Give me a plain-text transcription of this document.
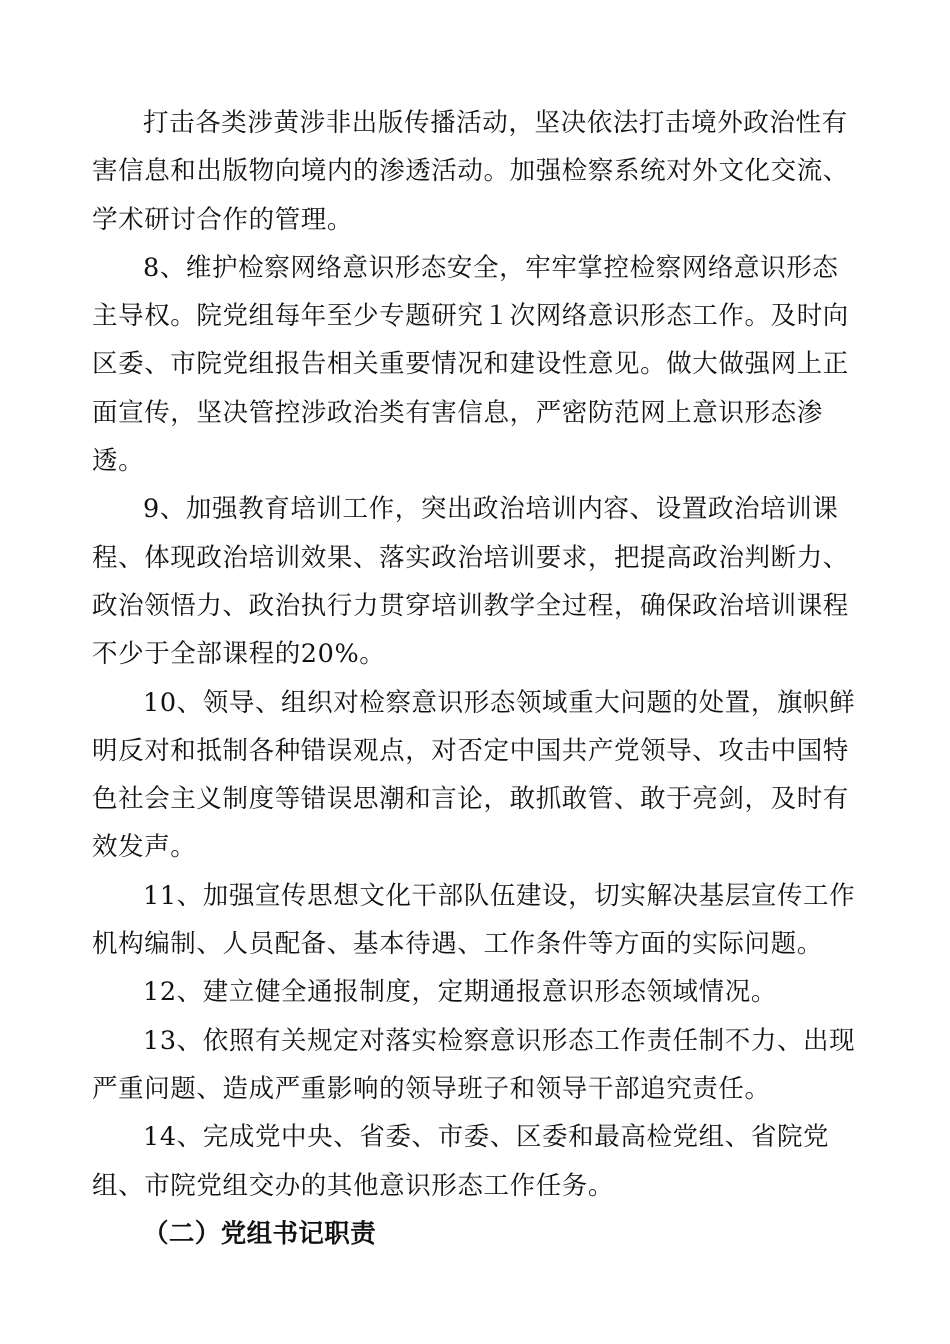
打击各类涉黄涉非出版传播活动，坚决依法打击境外政治性有害信息和出版物向境内的渗透活动。加强检察系统对外文化交流、学术研讨合作的管理。

8、维护检察网络意识形态安全，牢牢掌控检察网络意识形态主导权。院党组每年至少专题研究１次网络意识形态工作。及时向区委、市院党组报告相关重要情况和建设性意见。做大做强网上正面宣传，坚决管控涉政治类有害信息，严密防范网上意识形态渗透。

9、加强教育培训工作，突出政治培训内容、设置政治培训课程、体现政治培训效果、落实政治培训要求，把提高政治判断力、政治领悟力、政治执行力贯穿培训教学全过程，确保政治培训课程不少于全部课程的20%。

10、领导、组织对检察意识形态领域重大问题的处置，旗帜鲜明反对和抵制各种错误观点，对否定中国共产党领导、攻击中国特色社会主义制度等错误思潮和言论，敢抓敢管、敢于亮剑，及时有效发声。

11、加强宣传思想文化干部队伍建设，切实解决基层宣传工作机构编制、人员配备、基本待遇、工作条件等方面的实际问题。

12、建立健全通报制度，定期通报意识形态领域情况。

13、依照有关规定对落实检察意识形态工作责任制不力、出现严重问题、造成严重影响的领导班子和领导干部追究责任。

14、完成党中央、省委、市委、区委和最高检党组、省院党组、市院党组交办的其他意识形态工作任务。

（二）党组书记职责
